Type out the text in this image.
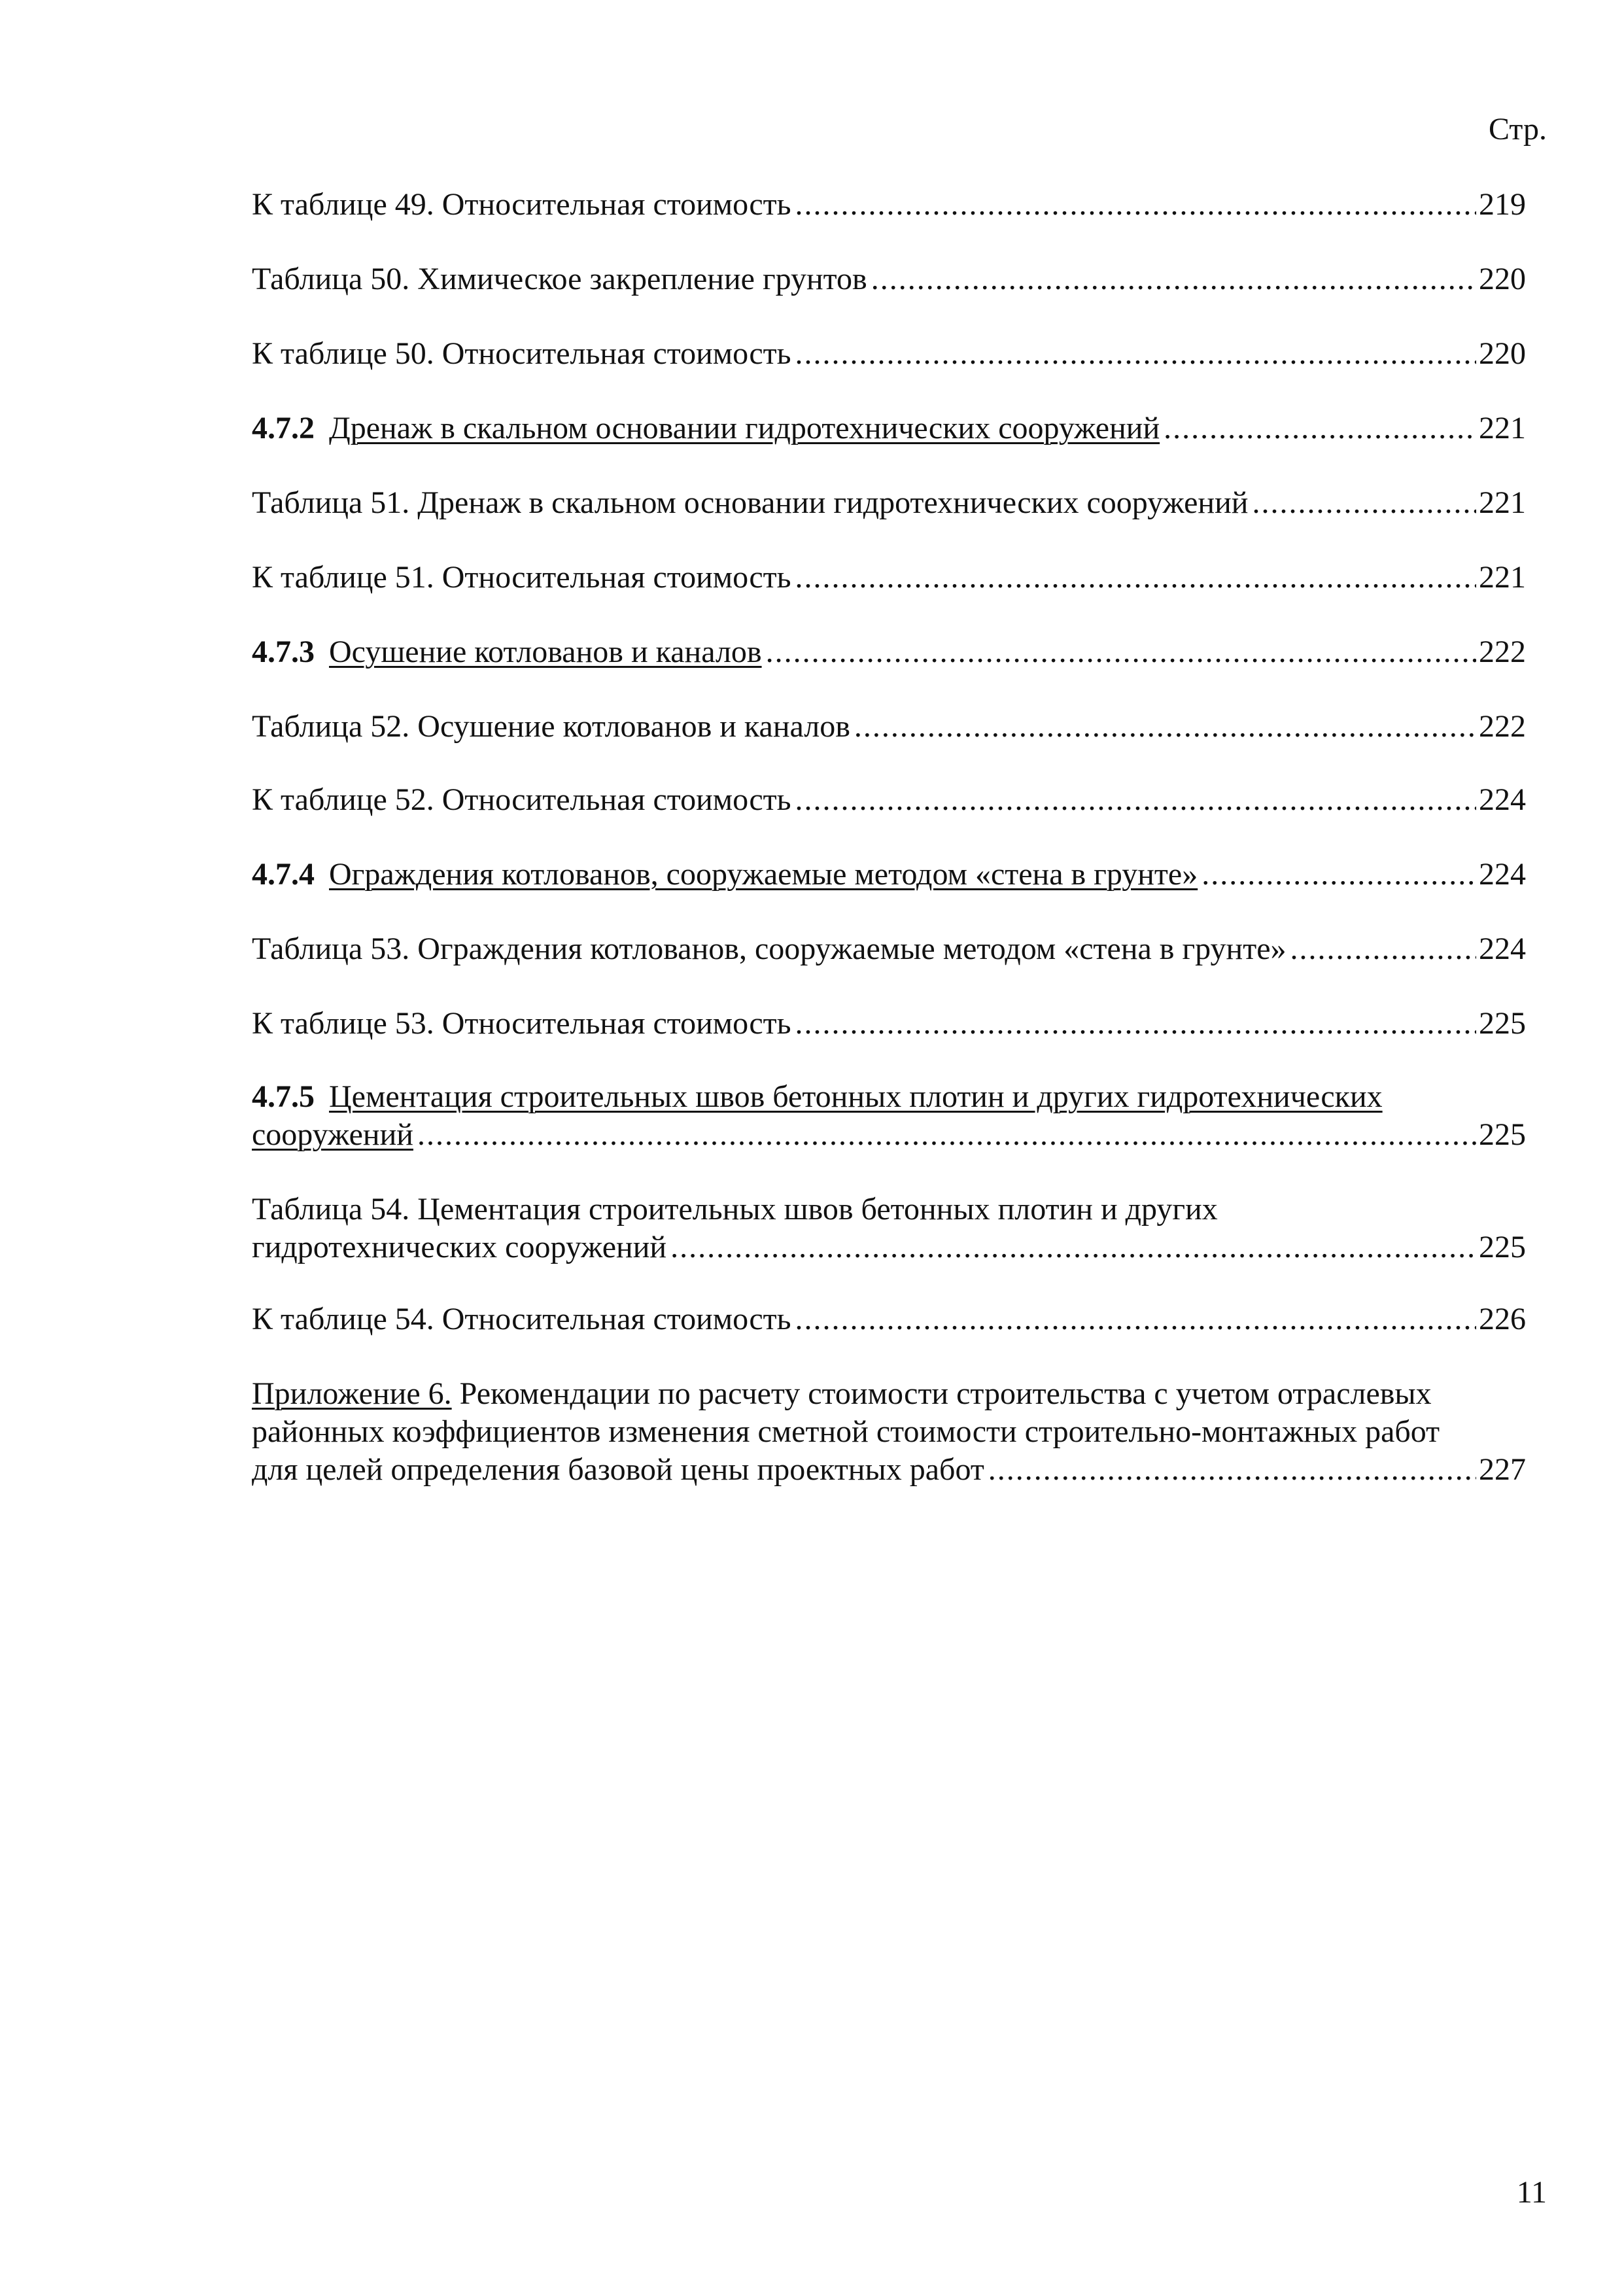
Стр.
К таблице 49. Относительная стоимость .....	219
Таблица 50. Химическое закрепление грунтов .....	220
К таблице 50. Относительная стоимость .....	220
4.7.2 Дренаж в скальном основании гидротехнических сооружений .....	221
Таблица 51. Дренаж в скальном основании гидротехнических сооружений .....	221
К таблице 51. Относительная стоимость .....	221
4.7.3 Осушение котлованов и каналов .....	222
Таблица 52. Осушение котлованов и каналов .....	222
К таблице 52. Относительная стоимость .....	224
4.7.4 Ограждения котлованов, сооружаемые методом «стена в грунте» .....	224
Таблица 53. Ограждения котлованов, сооружаемые методом «стена в грунте» .....	224
К таблице 53. Относительная стоимость .....	225
4.7.5 Цементация строительных швов бетонных плотин и других гидротехнических
сооружений .....	225
Таблица 54. Цементация строительных швов бетонных плотин и других
гидротехнических сооружений .....	225
К таблице 54. Относительная стоимость .....	226
Приложение 6. Рекомендации по расчету стоимости строительства с учетом отраслевых
районных коэффициентов изменения сметной стоимости строительно-монтажных работ
для целей определения базовой цены проектных работ .....	227
11
